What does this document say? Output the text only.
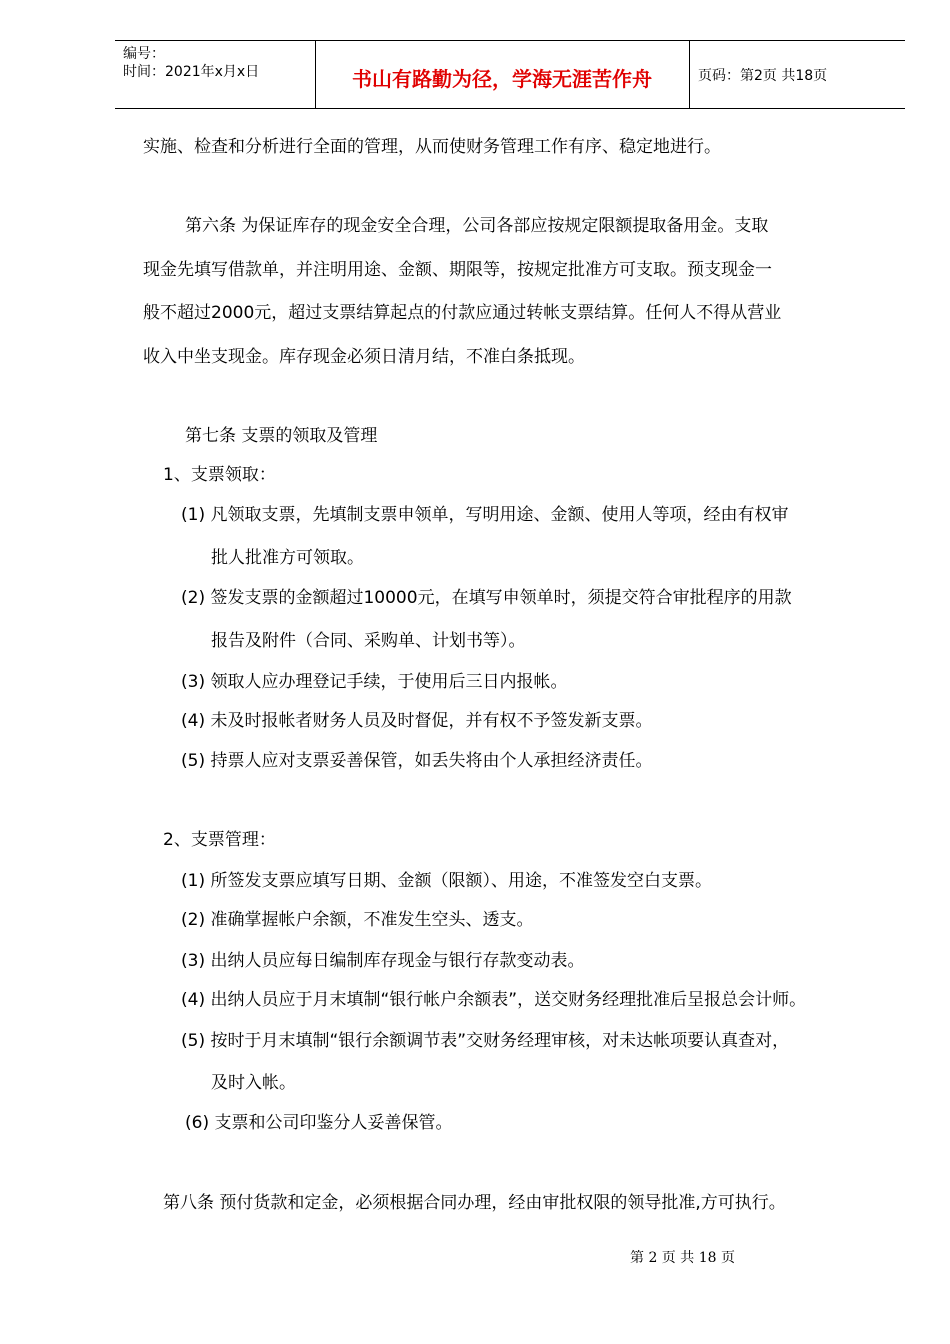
编号：
时间：2021年x月x日	书山有路勤为径，学海无涯苦作舟	页码：第2页 共18页
实施、检查和分析进行全面的管理，从而使财务管理工作有序、稳定地进行。
第六条 为保证库存的现金安全合理，公司各部应按规定限额提取备用金。支取
现金先填写借款单，并注明用途、金额、期限等，按规定批准方可支取。预支现金一
般不超过2000元，超过支票结算起点的付款应通过转帐支票结算。任何人不得从营业
收入中坐支现金。库存现金必须日清月结，不准白条抵现。
第七条 支票的领取及管理
1、支票领取：
(1) 凡领取支票，先填制支票申领单，写明用途、金额、使用人等项，经由有权审
批人批准方可领取。
(2) 签发支票的金额超过10000元，在填写申领单时，须提交符合审批程序的用款
报告及附件（合同、采购单、计划书等）。
(3) 领取人应办理登记手续，于使用后三日内报帐。
(4) 未及时报帐者财务人员及时督促，并有权不予签发新支票。
(5) 持票人应对支票妥善保管，如丢失将由个人承担经济责任。
2、支票管理：
(1) 所签发支票应填写日期、金额（限额）、用途，不准签发空白支票。
(2) 准确掌握帐户余额，不准发生空头、透支。
(3) 出纳人员应每日编制库存现金与银行存款变动表。
(4) 出纳人员应于月末填制“银行帐户余额表”，送交财务经理批准后呈报总会计师。
(5) 按时于月末填制“银行余额调节表”交财务经理审核，对未达帐项要认真查对，
及时入帐。
(6) 支票和公司印鉴分人妥善保管。
第八条 预付货款和定金，必须根据合同办理，经由审批权限的领导批准,方可执行。
第 2 页 共 18 页
